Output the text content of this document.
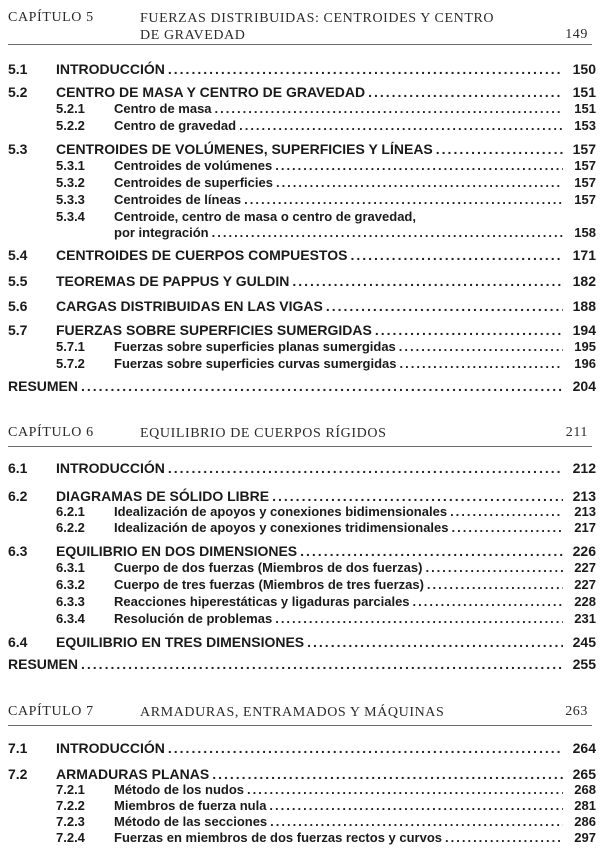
CAPÍTULO 5	FUERZAS DISTRIBUIDAS: CENTROIDES Y CENTRO
DE GRAVEDAD	149
5.1 INTRODUCCIÓN .....	150
5.2 CENTRO DE MASA Y CENTRO DE GRAVEDAD .....	151
5.2.1 Centro de masa .....	151
5.2.2 Centro de gravedad .....	153
5.3 CENTROIDES DE VOLÚMENES, SUPERFICIES Y LÍNEAS .....	157
5.3.1 Centroides de volúmenes .....	157
5.3.2 Centroides de superficies .....	157
5.3.3 Centroides de líneas .....	157
5.3.4 Centroide, centro de masa o centro de gravedad,
por integración .....	158
5.4 CENTROIDES DE CUERPOS COMPUESTOS .....	171
5.5 TEOREMAS DE PAPPUS Y GULDIN .....	182
5.6 CARGAS DISTRIBUIDAS EN LAS VIGAS .....	188
5.7 FUERZAS SOBRE SUPERFICIES SUMERGIDAS .....	194
5.7.1 Fuerzas sobre superficies planas sumergidas .....	195
5.7.2 Fuerzas sobre superficies curvas sumergidas .....	196
RESUMEN .....	204
CAPÍTULO 6	EQUILIBRIO DE CUERPOS RÍGIDOS	211
6.1 INTRODUCCIÓN .....	212
6.2 DIAGRAMAS DE SÓLIDO LIBRE .....	213
6.2.1 Idealización de apoyos y conexiones bidimensionales .....	213
6.2.2 Idealización de apoyos y conexiones tridimensionales .....	217
6.3 EQUILIBRIO EN DOS DIMENSIONES .....	226
6.3.1 Cuerpo de dos fuerzas (Miembros de dos fuerzas) .....	227
6.3.2 Cuerpo de tres fuerzas (Miembros de tres fuerzas) .....	227
6.3.3 Reacciones hiperestáticas y ligaduras parciales .....	228
6.3.4 Resolución de problemas .....	231
6.4 EQUILIBRIO EN TRES DIMENSIONES .....	245
RESUMEN .....	255
CAPÍTULO 7	ARMADURAS, ENTRAMADOS Y MÁQUINAS	263
7.1 INTRODUCCIÓN .....	264
7.2 ARMADURAS PLANAS .....	265
7.2.1 Método de los nudos .....	268
7.2.2 Miembros de fuerza nula .....	281
7.2.3 Método de las secciones .....	286
7.2.4 Fuerzas en miembros de dos fuerzas rectos y curvos .....	297
